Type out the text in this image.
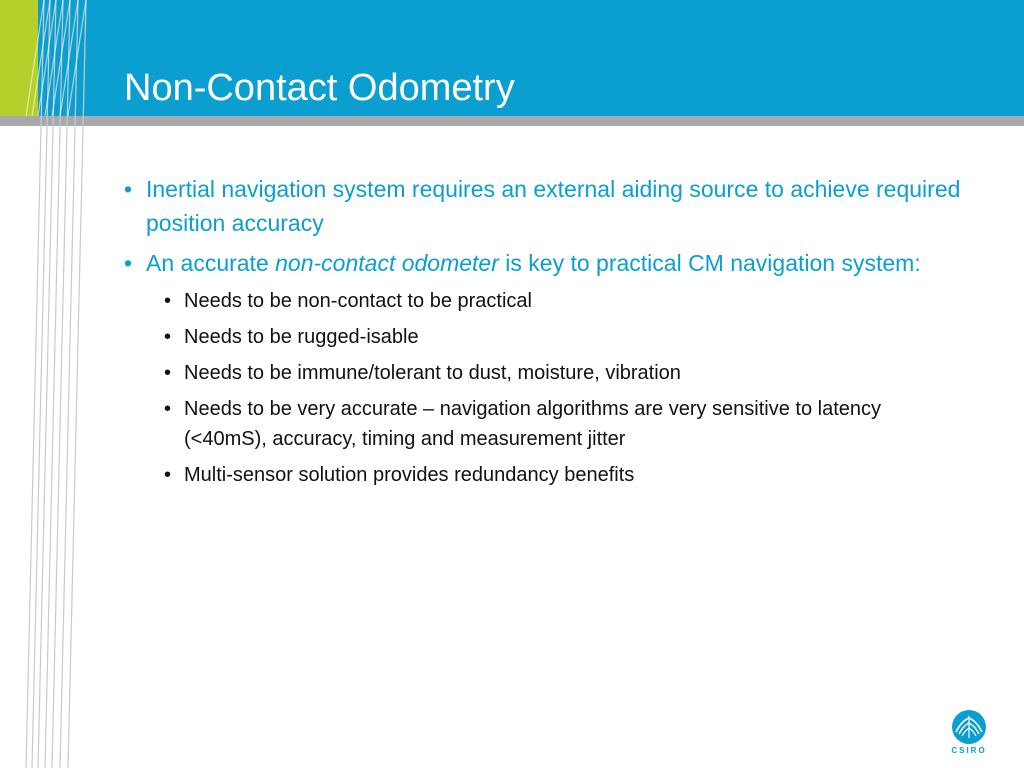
Non-Contact Odometry
• Inertial navigation system requires an external aiding source to achieve required position accuracy
• An accurate non-contact odometer is key to practical CM navigation system:
• Needs to be non-contact to be practical
• Needs to be rugged-isable
• Needs to be immune/tolerant to dust, moisture, vibration
• Needs to be very accurate – navigation algorithms are very sensitive to latency (<40mS), accuracy, timing and measurement jitter
• Multi-sensor solution provides redundancy benefits
CSIRO
